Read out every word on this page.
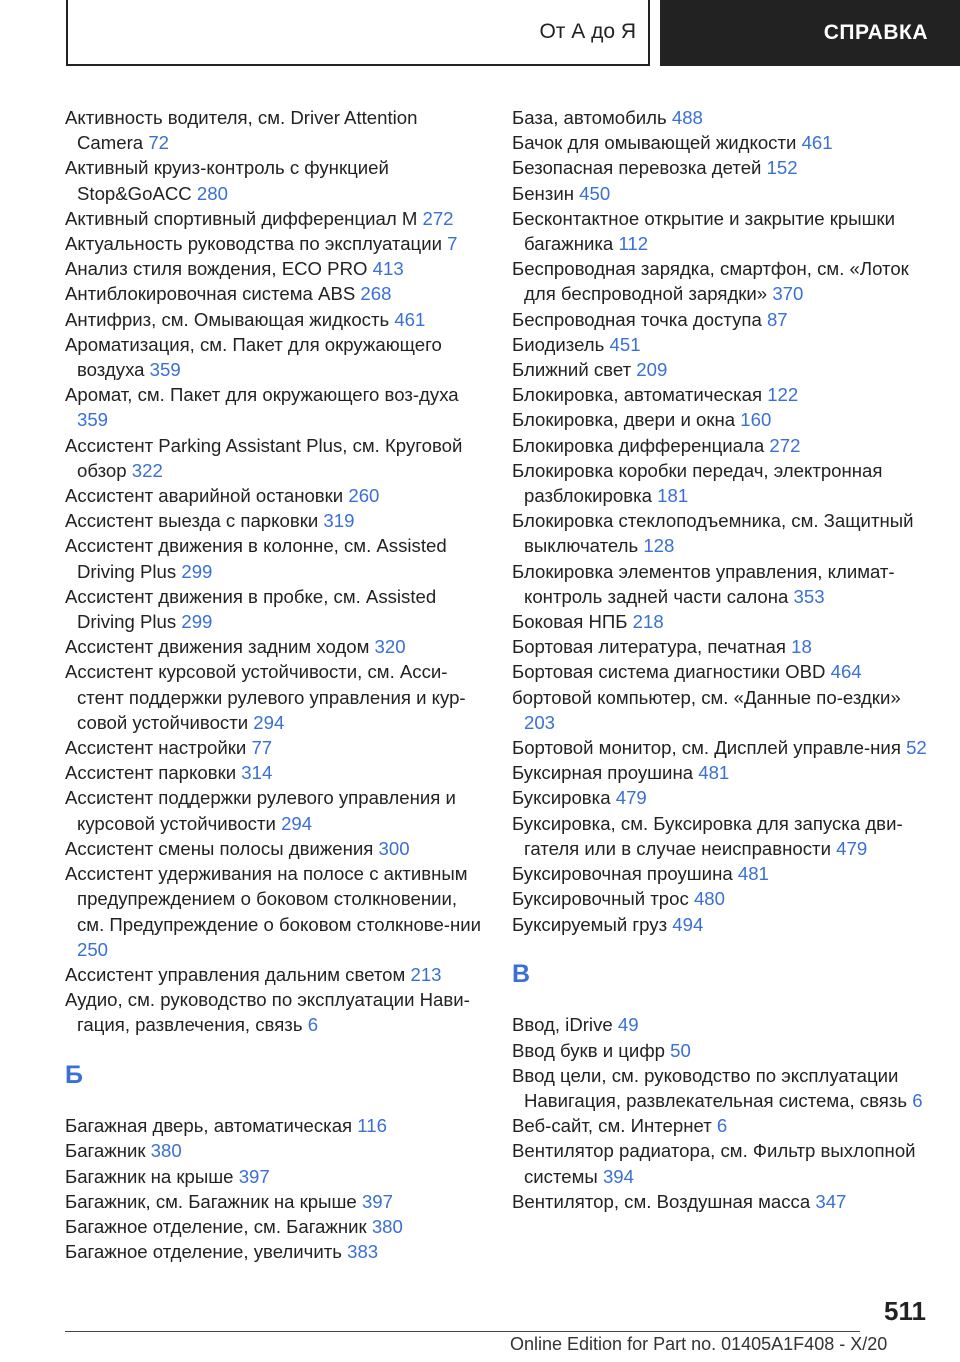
От А до Я	СПРАВКА
Активность водителя, см. Driver Attention Camera 72
Активный круиз-контроль с функцией Stop&GoACC 280
Активный спортивный дифференциал M 272
Актуальность руководства по эксплуатации 7
Анализ стиля вождения, ECO PRO 413
Антиблокировочная система ABS 268
Антифриз, см. Омывающая жидкость 461
Ароматизация, см. Пакет для окружающего воздуха 359
Аромат, см. Пакет для окружающего воз-духа 359
Ассистент Parking Assistant Plus, см. Круговой обзор 322
Ассистент аварийной остановки 260
Ассистент выезда с парковки 319
Ассистент движения в колонне, см. Assisted Driving Plus 299
Ассистент движения в пробке, см. Assisted Driving Plus 299
Ассистент движения задним ходом 320
Ассистент курсовой устойчивости, см. Асси-стент поддержки рулевого управления и кур-совой устойчивости 294
Ассистент настройки 77
Ассистент парковки 314
Ассистент поддержки рулевого управления и курсовой устойчивости 294
Ассистент смены полосы движения 300
Ассистент удерживания на полосе с активным предупреждением о боковом столкновении, см. Предупреждение о боковом столкнове-нии 250
Ассистент управления дальним светом 213
Аудио, см. руководство по эксплуатации Нави-гация, развлечения, связь 6
Б
Багажная дверь, автоматическая 116
Багажник 380
Багажник на крыше 397
Багажник, см. Багажник на крыше 397
Багажное отделение, см. Багажник 380
Багажное отделение, увеличить 383
База, автомобиль 488
Бачок для омывающей жидкости 461
Безопасная перевозка детей 152
Бензин 450
Бесконтактное открытие и закрытие крышки багажника 112
Беспроводная зарядка, смартфон, см. «Лоток для беспроводной зарядки» 370
Беспроводная точка доступа 87
Биодизель 451
Ближний свет 209
Блокировка, автоматическая 122
Блокировка, двери и окна 160
Блокировка дифференциала 272
Блокировка коробки передач, электронная разблокировка 181
Блокировка стеклоподъемника, см. Защитный выключатель 128
Блокировка элементов управления, климат-контроль задней части салона 353
Боковая НПБ 218
Бортовая литература, печатная 18
Бортовая система диагностики OBD 464
бортовой компьютер, см. «Данные по-ездки» 203
Бортовой монитор, см. Дисплей управле-ния 52
Буксирная проушина 481
Буксировка 479
Буксировка, см. Буксировка для запуска дви-гателя или в случае неисправности 479
Буксировочная проушина 481
Буксировочный трос 480
Буксируемый груз 494
В
Ввод, iDrive 49
Ввод букв и цифр 50
Ввод цели, см. руководство по эксплуатации Навигация, развлекательная система, связь 6
Веб-сайт, см. Интернет 6
Вентилятор радиатора, см. Фильтр выхлопной системы 394
Вентилятор, см. Воздушная масса 347
511
Online Edition for Part no. 01405A1F408 - X/20
